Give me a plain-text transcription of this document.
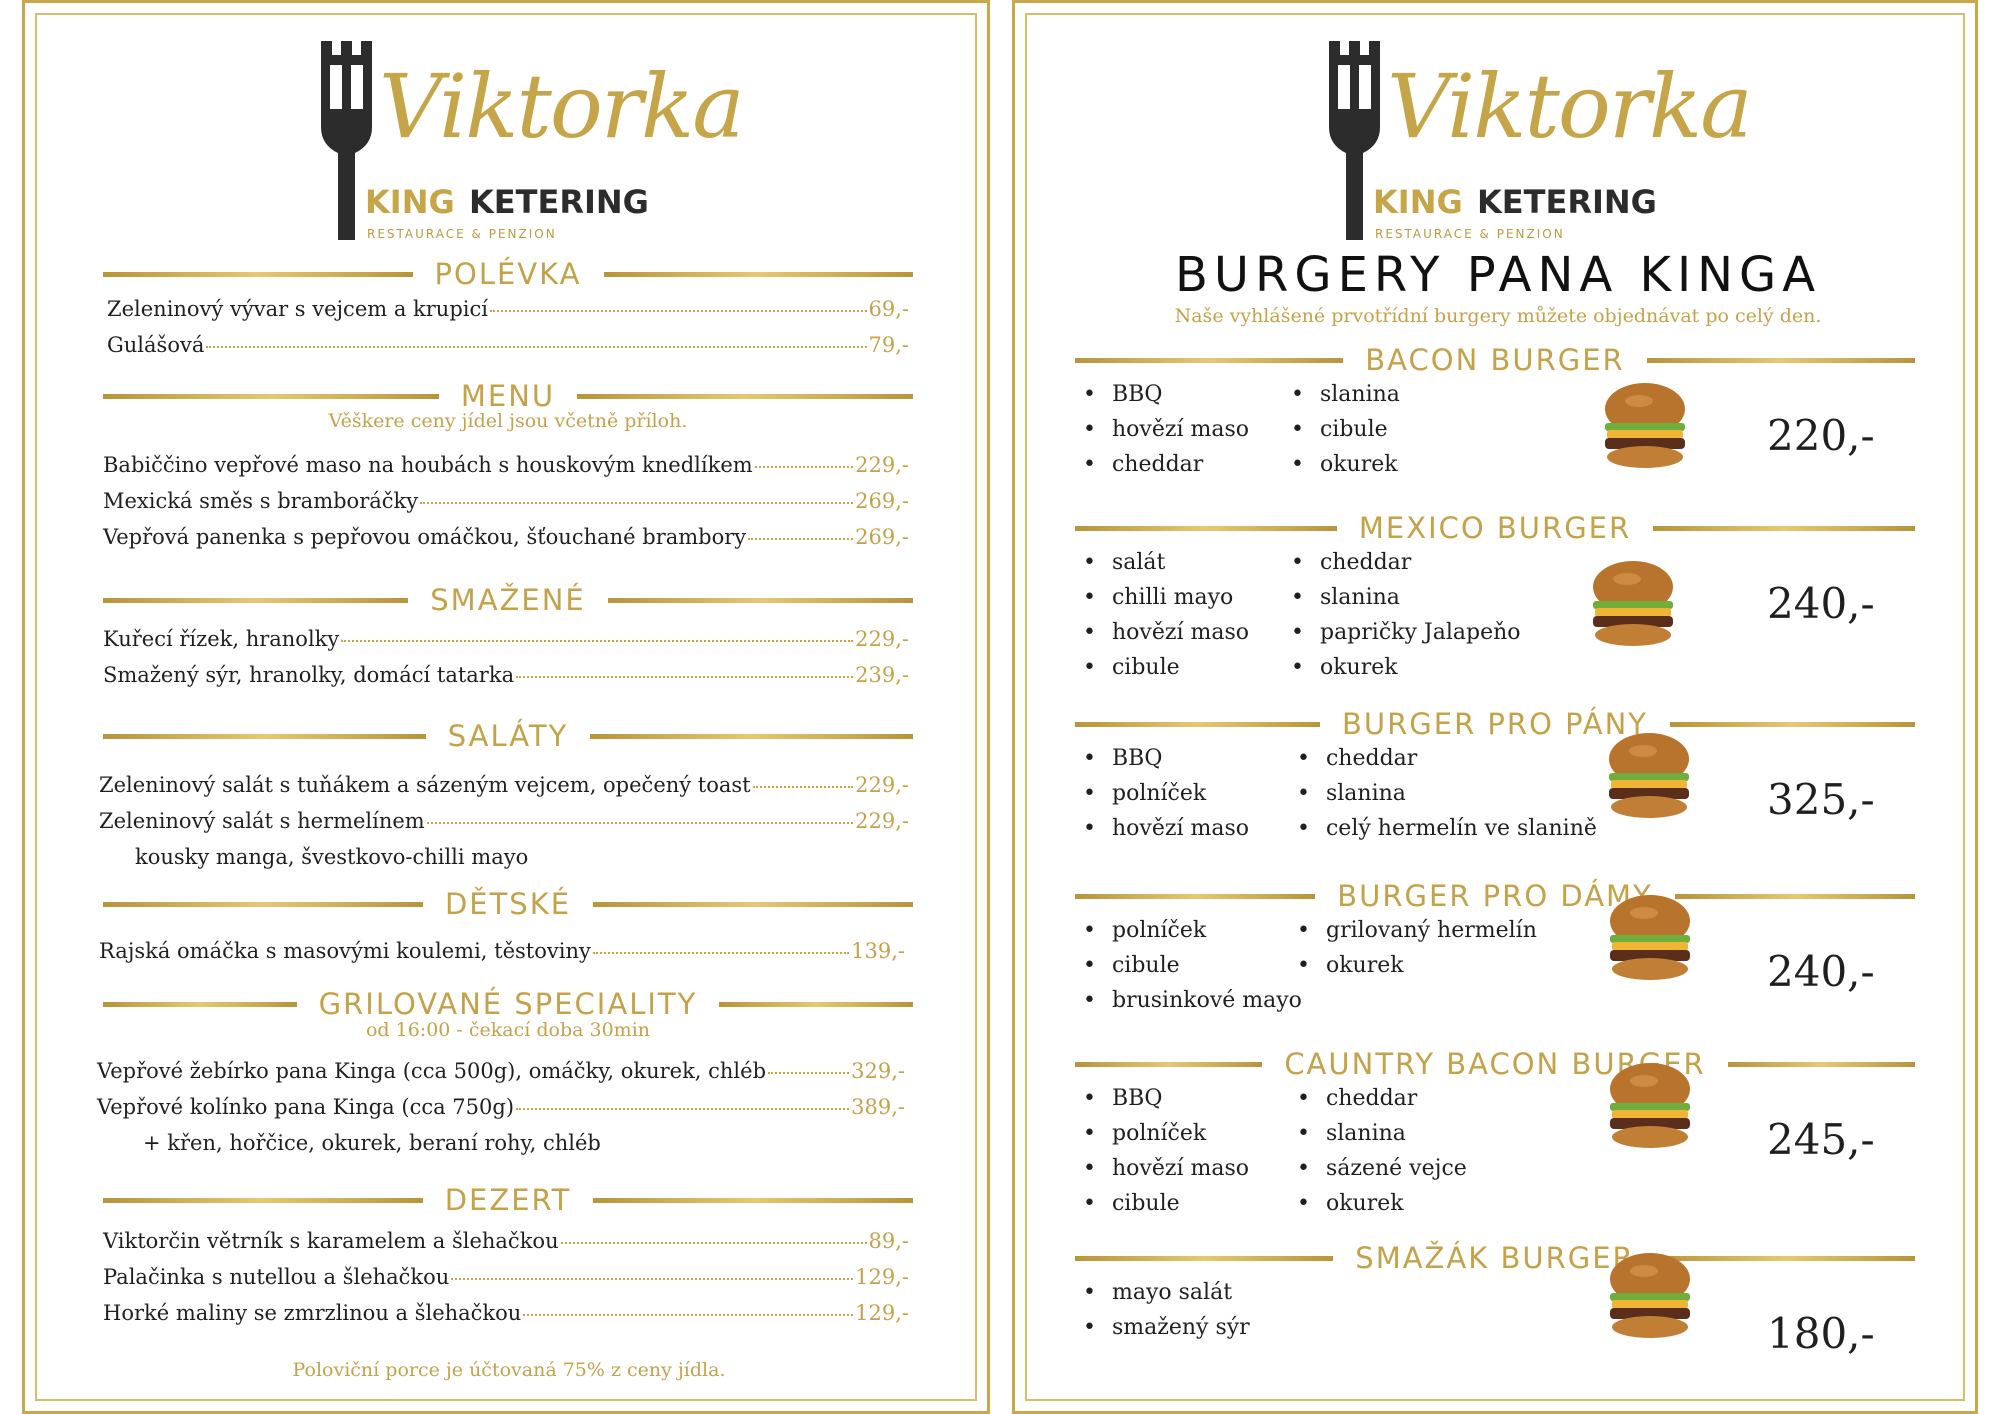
Viktorka
KING KETERING
RESTAURACE & PENZION
POLÉVKA
Zeleninový vývar s vejcem a krupicí	69,-
Gulášová	79,-
MENU
Věškere ceny jídel jsou včetně příloh.
Babiččino vepřové maso na houbách s houskovým knedlíkem	229,-
Mexická směs s bramboráčky	269,-
Vepřová panenka s pepřovou omáčkou, šťouchané brambory	269,-
SMAŽENÉ
Kuřecí řízek, hranolky	229,-
Smažený sýr, hranolky, domácí tatarka	239,-
SALÁTY
Zeleninový salát s tuňákem a sázeným vejcem, opečený toast	229,-
Zeleninový salát s hermelínem	229,-
kousky manga, švestkovo-chilli mayo
DĚTSKÉ
Rajská omáčka s masovými koulemi, těstoviny	139,-
GRILOVANÉ SPECIALITY
od 16:00 - čekací doba 30min
Vepřové žebírko pana Kinga (cca 500g), omáčky, okurek, chléb	329,-
Vepřové kolínko pana Kinga (cca 750g)	389,-
+ křen, hořčice, okurek, beraní rohy, chléb
DEZERT
Viktorčin větrník s karamelem a šlehačkou	89,-
Palačinka s nutellou a šlehačkou	129,-
Horké maliny se zmrzlinou a šlehačkou	129,-
Poloviční porce je účtovaná 75% z ceny jídla.
Viktorka
KING KETERING
RESTAURACE & PENZION
BURGERY PANA KINGA
Naše vyhlášené prvotřídní burgery můžete objednávat po celý den.
BACON BURGER
• BBQ
• hovězí maso
• cheddar
• slanina
• cibule
• okurek
220,-
MEXICO BURGER
• salát
• chilli mayo
• hovězí maso
• cibule
• cheddar
• slanina
• papričky Jalapeňo
• okurek
240,-
BURGER PRO PÁNY
• BBQ
• polníček
• hovězí maso
• cheddar
• slanina
• celý hermelín ve slanině
325,-
BURGER PRO DÁMY
• polníček
• cibule
• brusinkové mayo
• grilovaný hermelín
• okurek	240,-
CAUNTRY BACON BURGER
• BBQ
• polníček
• hovězí maso
• cibule
• cheddar
• slanina
• sázené vejce
• okurek
245,-
SMAŽÁK BURGER
• mayo salát
• smažený sýr	180,-
